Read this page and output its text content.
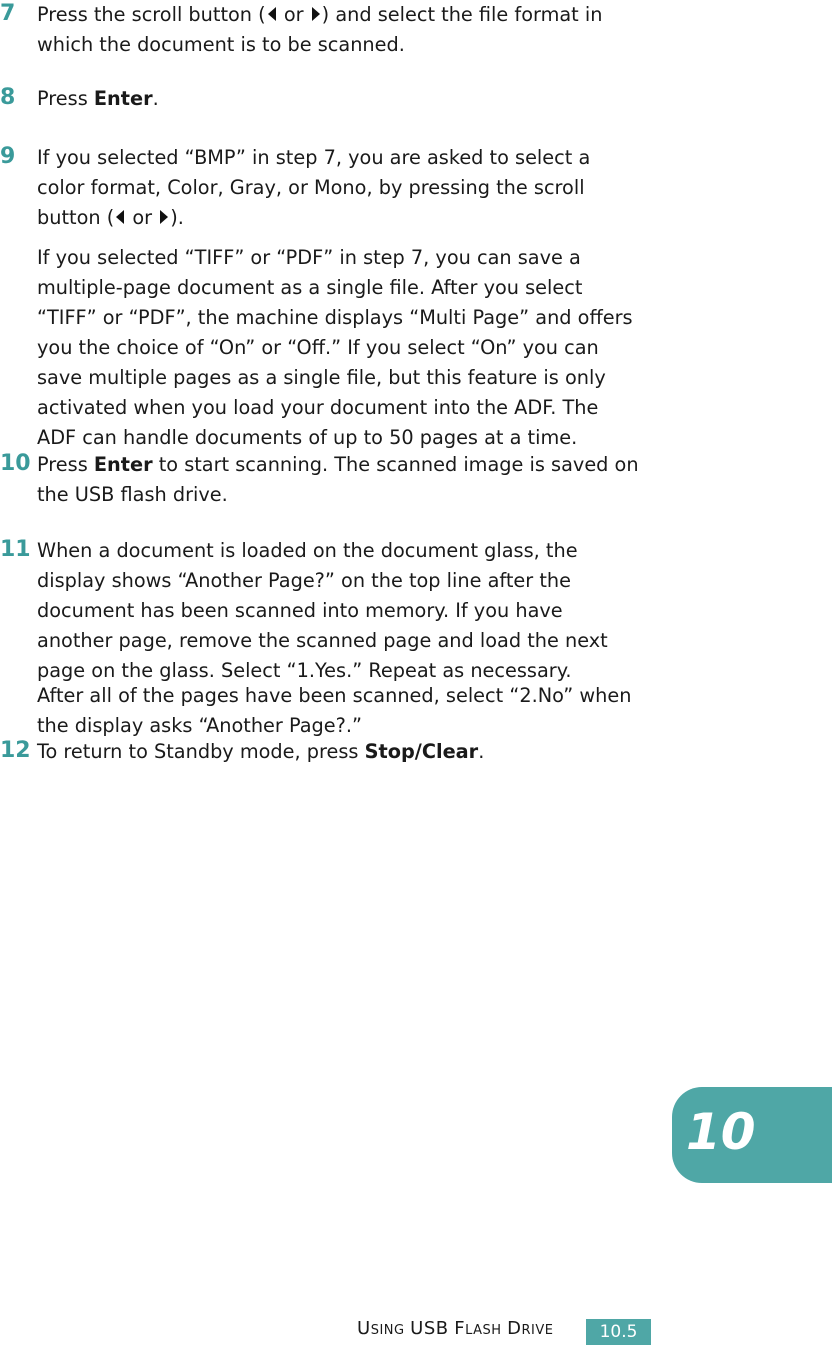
7 Press the scroll button ( or ) and select the file format in which the document is to be scanned.
8 Press Enter.
9 If you selected “BMP” in step 7, you are asked to select a color format, Color, Gray, or Mono, by pressing the scroll button ( or ).
If you selected “TIFF” or “PDF” in step 7, you can save a multiple-page document as a single file. After you select “TIFF” or “PDF”, the machine displays “Multi Page” and offers you the choice of “On” or “Off.” If you select “On” you can save multiple pages as a single file, but this feature is only activated when you load your document into the ADF. The ADF can handle documents of up to 50 pages at a time.
10 Press Enter to start scanning. The scanned image is saved on the USB flash drive.
11 When a document is loaded on the document glass, the display shows “Another Page?” on the top line after the document has been scanned into memory. If you have another page, remove the scanned page and load the next page on the glass. Select “1.Yes.” Repeat as necessary.
After all of the pages have been scanned, select “2.No” when the display asks “Another Page?.”
12 To return to Standby mode, press Stop/Clear.
10
USING USB FLASH DRIVE	10.5
